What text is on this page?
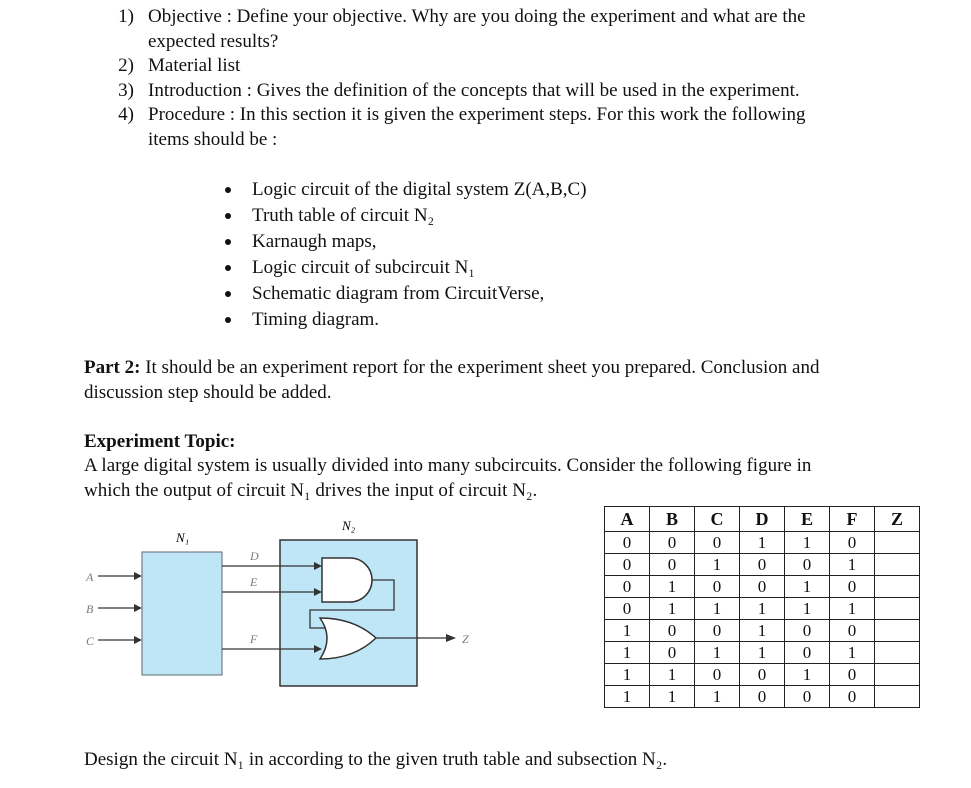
1) Objective : Define your objective. Why are you doing the experiment and what are the
expected results?
2) Material list
3) Introduction : Gives the definition of the concepts that will be used in the experiment.
4) Procedure : In this section it is given the experiment steps. For this work the following
items should be :
Logic circuit of the digital system Z(A,B,C)
Truth table of circuit N₂
Karnaugh maps,
Logic circuit of subcircuit N₁
Schematic diagram from CircuitVerse,
Timing diagram.
Part 2: It should be an experiment report for the experiment sheet you prepared. Conclusion and
discussion step should be added.
Experiment Topic:
A large digital system is usually divided into many subcircuits. Consider the following figure in
which the output of circuit N₁ drives the input of circuit N₂.
N₁
N₂
A
B
C
D
E
F	Z
A	B	C	D	E	F	Z
0	0	0	1	1	0	
0	0	1	0	0	1	
0	1	0	0	1	0	
0	1	1	1	1	1	
1	0	0	1	0	0	
1	0	1	1	0	1	
1	1	0	0	1	0	
1	1	1	0	0	0	
Design the circuit N₁ in according to the given truth table and subsection N₂.
